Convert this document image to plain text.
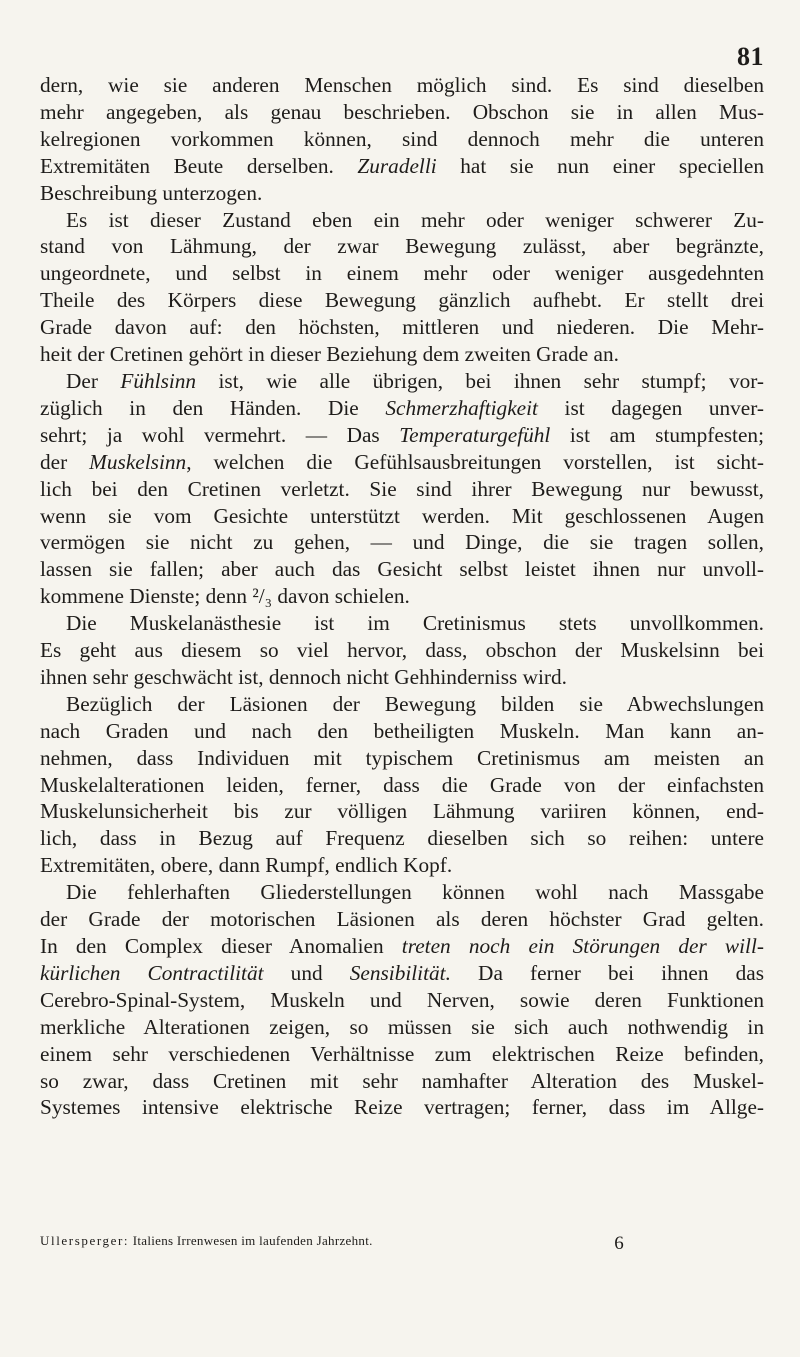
81
dern, wie sie anderen Menschen möglich sind. Es sind dieselben
mehr angegeben, als genau beschrieben. Obschon sie in allen Mus-
kelregionen vorkommen können, sind dennoch mehr die unteren
Extremitäten Beute derselben. Zuradelli hat sie nun einer speciellen
Beschreibung unterzogen.
Es ist dieser Zustand eben ein mehr oder weniger schwerer Zu-
stand von Lähmung, der zwar Bewegung zulässt, aber begränzte,
ungeordnete, und selbst in einem mehr oder weniger ausgedehnten
Theile des Körpers diese Bewegung gänzlich aufhebt. Er stellt drei
Grade davon auf: den höchsten, mittleren und niederen. Die Mehr-
heit der Cretinen gehört in dieser Beziehung dem zweiten Grade an.
Der Fühlsinn ist, wie alle übrigen, bei ihnen sehr stumpf; vor-
züglich in den Händen. Die Schmerzhaftigkeit ist dagegen unver-
sehrt; ja wohl vermehrt. — Das Temperaturgefühl ist am stumpfesten;
der Muskelsinn, welchen die Gefühlsausbreitungen vorstellen, ist sicht-
lich bei den Cretinen verletzt. Sie sind ihrer Bewegung nur bewusst,
wenn sie vom Gesichte unterstützt werden. Mit geschlossenen Augen
vermögen sie nicht zu gehen, — und Dinge, die sie tragen sollen,
lassen sie fallen; aber auch das Gesicht selbst leistet ihnen nur unvoll-
kommene Dienste; denn ²/₃ davon schielen.
Die Muskelanästhesie ist im Cretinismus stets unvollkommen.
Es geht aus diesem so viel hervor, dass, obschon der Muskelsinn bei
ihnen sehr geschwächt ist, dennoch nicht Gehhinderniss wird.
Bezüglich der Läsionen der Bewegung bilden sie Abwechslungen
nach Graden und nach den betheiligten Muskeln. Man kann an-
nehmen, dass Individuen mit typischem Cretinismus am meisten an
Muskelalterationen leiden, ferner, dass die Grade von der einfachsten
Muskelunsicherheit bis zur völligen Lähmung variiren können, end-
lich, dass in Bezug auf Frequenz dieselben sich so reihen: untere
Extremitäten, obere, dann Rumpf, endlich Kopf.
Die fehlerhaften Gliederstellungen können wohl nach Massgabe
der Grade der motorischen Läsionen als deren höchster Grad gelten.
In den Complex dieser Anomalien treten noch ein Störungen der will-
kürlichen Contractilität und Sensibilität. Da ferner bei ihnen das
Cerebro-Spinal-System, Muskeln und Nerven, sowie deren Funktionen
merkliche Alterationen zeigen, so müssen sie sich auch nothwendig in
einem sehr verschiedenen Verhältnisse zum elektrischen Reize befinden,
so zwar, dass Cretinen mit sehr namhafter Alteration des Muskel-
Systemes intensive elektrische Reize vertragen; ferner, dass im Allge-
Ullersperger: Italiens Irrenwesen im laufenden Jahrzehnt.	6
